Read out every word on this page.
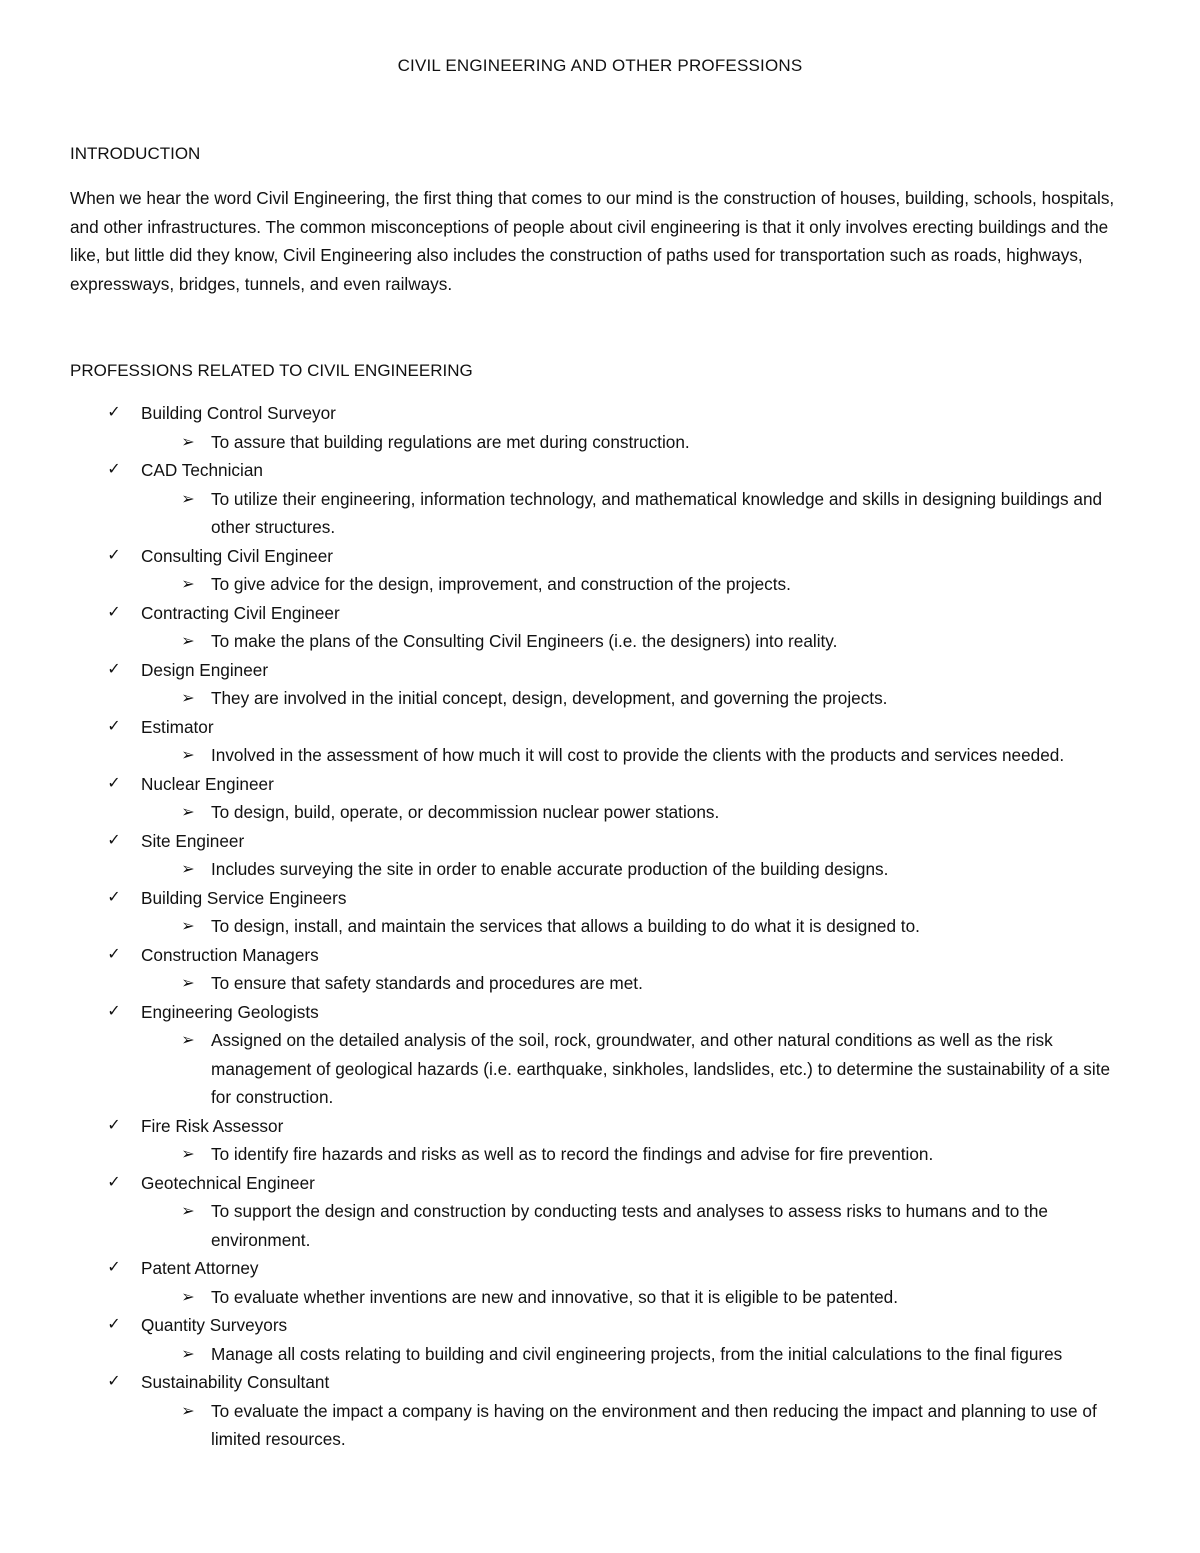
CIVIL ENGINEERING AND OTHER PROFESSIONS
INTRODUCTION
When we hear the word Civil Engineering, the first thing that comes to our mind is the construction of houses, building, schools, hospitals, and other infrastructures. The common misconceptions of people about civil engineering is that it only involves erecting buildings and the like, but little did they know, Civil Engineering also includes the construction of paths used for transportation such as roads, highways, expressways, bridges, tunnels, and even railways.
PROFESSIONS RELATED TO CIVIL ENGINEERING
✓ Building Control Surveyor
➢ To assure that building regulations are met during construction.
✓ CAD Technician
➢ To utilize their engineering, information technology, and mathematical knowledge and skills in designing buildings and other structures.
✓ Consulting Civil Engineer
➢ To give advice for the design, improvement, and construction of the projects.
✓ Contracting Civil Engineer
➢ To make the plans of the Consulting Civil Engineers (i.e. the designers) into reality.
✓ Design Engineer
➢ They are involved in the initial concept, design, development, and governing the projects.
✓ Estimator
➢ Involved in the assessment of how much it will cost to provide the clients with the products and services needed.
✓ Nuclear Engineer
➢ To design, build, operate, or decommission nuclear power stations.
✓ Site Engineer
➢ Includes surveying the site in order to enable accurate production of the building designs.
✓ Building Service Engineers
➢ To design, install, and maintain the services that allows a building to do what it is designed to.
✓ Construction Managers
➢ To ensure that safety standards and procedures are met.
✓ Engineering Geologists
➢ Assigned on the detailed analysis of the soil, rock, groundwater, and other natural conditions as well as the risk management of geological hazards (i.e. earthquake, sinkholes, landslides, etc.) to determine the sustainability of a site for construction.
✓ Fire Risk Assessor
➢ To identify fire hazards and risks as well as to record the findings and advise for fire prevention.
✓ Geotechnical Engineer
➢ To support the design and construction by conducting tests and analyses to assess risks to humans and to the environment.
✓ Patent Attorney
➢ To evaluate whether inventions are new and innovative, so that it is eligible to be patented.
✓ Quantity Surveyors
➢ Manage all costs relating to building and civil engineering projects, from the initial calculations to the final figures
✓ Sustainability Consultant
➢ To evaluate the impact a company is having on the environment and then reducing the impact and planning to use of limited resources.
